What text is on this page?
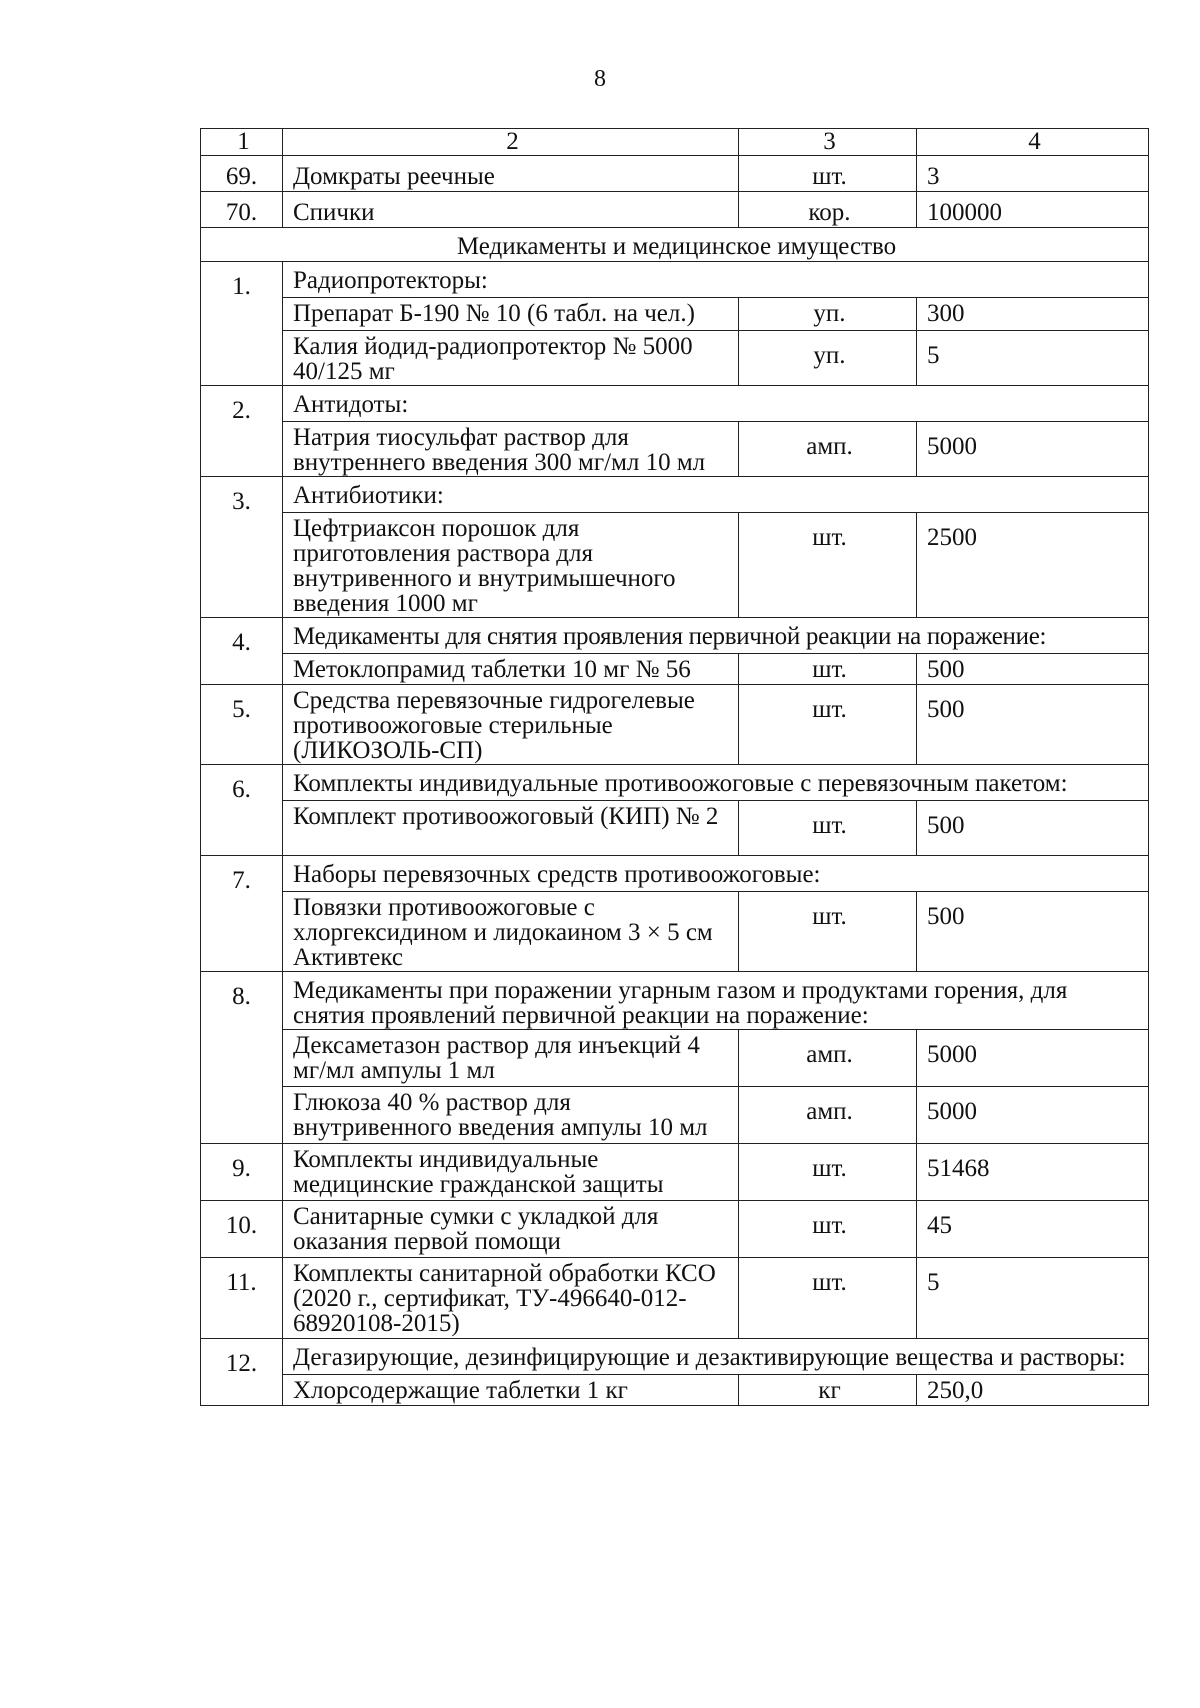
8
1	2	3	4
69.	Домкраты реечные	шт.	3
70.	Спички	кор.	100000
Медикаменты и медицинское имущество			
1.	Радиопротекторы:		
	Препарат Б-190 № 10 (6 табл. на чел.)	уп.	300
	Калия йодид-радиопротектор № 5000 40/125 мг	уп.	5
2.	Антидоты:		
	Натрия тиосульфат раствор для внутреннего введения 300 мг/мл 10 мл	амп.	5000
3.	Антибиотики:		
	Цефтриаксон порошок для приготовления раствора для внутривенного и внутримышечного введения 1000 мг	шт.	2500
4.	Медикаменты для снятия проявления первичной реакции на поражение:		
	Метоклопрамид таблетки 10 мг № 56	шт.	500
5.	Средства перевязочные гидрогелевые противоожоговые стерильные (ЛИКОЗОЛЬ-СП)	шт.	500
6.	Комплекты индивидуальные противоожоговые с перевязочным пакетом:		
	Комплект противоожоговый (КИП) № 2	шт.	500
7.	Наборы перевязочных средств противоожоговые:		
	Повязки противоожоговые с хлоргексидином и лидокаином 3 × 5 см Активтекс	шт.	500
8.	Медикаменты при поражении угарным газом и продуктами горения, для снятия проявлений первичной реакции на поражение:		
	Дексаметазон раствор для инъекций 4 мг/мл ампулы 1 мл	амп.	5000
	Глюкоза 40 % раствор для внутривенного введения ампулы 10 мл	амп.	5000
9.	Комплекты индивидуальные медицинские гражданской защиты	шт.	51468
10.	Санитарные сумки с укладкой для оказания первой помощи	шт.	45
11.	Комплекты санитарной обработки КСО (2020 г., сертификат, ТУ-496640-012-68920108-2015)	шт.	5
12.	Дегазирующие, дезинфицирующие и дезактивирующие вещества и растворы:		
	Хлорсодержащие таблетки 1 кг	кг	250,0
